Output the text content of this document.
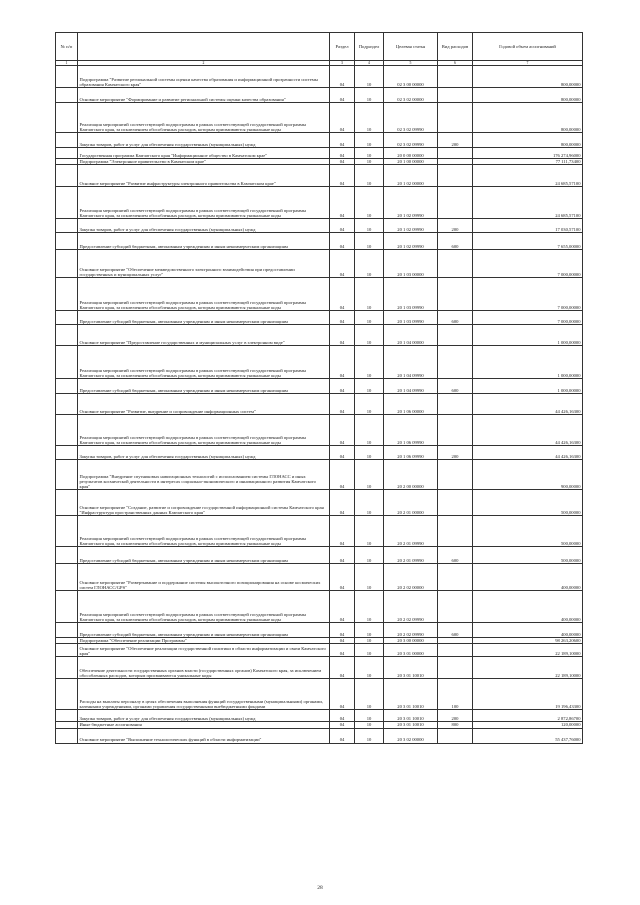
№ п/п		Раздел	Подраздел	Целевая статья	Вид расходов	Годовой объем ассигнований
1	2	3	4	5	6	7
	Подпрограмма "Развитие региональной системы оценки качества образования и информационной прозрачности системы образования Камчатского края"	04	10	02 3 00 00000		800,00000
	Основное мероприятие "Формирование и развитие региональной системы оценки качества образования"	04	10	02 3 02 00000		800,00000
	Реализация мероприятий соответствующей подпрограммы в рамках соответствующей государственной программы Камчатского края, за исключением обособленных расходов, которым присваиваются уникальные коды	04	10	02 3 02 09990		800,00000
	Закупка товаров, работ и услуг для обеспечения государственных (муниципальных) нужд	04	10	02 3 02 09990	200	800,00000
	Государственная программа Камчатского края "Информационное общество в Камчатском крае"	04	10	20 0 00 00000		176 274,96000
	Подпрограмма "Электронное правительство в Камчатском крае"	04	10	20 1 00 00000		77 111,73400
	Основное мероприятие "Развитие инфраструктуры электронного правительства в Камчатском крае"	04	10	20 1 02 00000		24 685,57100
	Реализация мероприятий соответствующей подпрограммы в рамках соответствующей государственной программы Камчатского края, за исключением обособленных расходов, которым присваиваются уникальные коды	04	10	20 1 02 09990		24 685,57100
	Закупка товаров, работ и услуг для обеспечения государственных (муниципальных) нужд	04	10	20 1 02 09990	200	17 030,57100
	Предоставление субсидий бюджетным, автономным учреждениям и иным некоммерческим организациям	04	10	20 1 02 09990	600	7 655,00000
	Основное мероприятие "Обеспечение межведомственного электронного взаимодействия при предоставлении государственных и муниципальных услуг"	04	10	20 1 03 00000		7 000,00000
	Реализация мероприятий соответствующей подпрограммы в рамках соответствующей государственной программы Камчатского края, за исключением обособленных расходов, которым присваиваются уникальные коды	04	10	20 1 03 09990		7 000,00000
	Предоставление субсидий бюджетным, автономным учреждениям и иным некоммерческим организациям	04	10	20 1 03 09990	600	7 000,00000
	Основное мероприятие "Предоставление государственных и муниципальных услуг в электронном виде"	04	10	20 1 04 00000		1 000,00000
	Реализация мероприятий соответствующей подпрограммы в рамках соответствующей государственной программы Камчатского края, за исключением обособленных расходов, которым присваиваются уникальные коды	04	10	20 1 04 09990		1 000,00000
	Предоставление субсидий бюджетным, автономным учреждениям и иным некоммерческим организациям	04	10	20 1 04 09990	600	1 000,00000
	Основное мероприятие "Развитие, внедрение и сопровождение информационных систем"	04	10	20 1 06 00000		44 426,16300
	Реализация мероприятий соответствующей подпрограммы в рамках соответствующей государственной программы Камчатского края, за исключением обособленных расходов, которым присваиваются уникальные коды	04	10	20 1 06 09990		44 426,16300
	Закупка товаров, работ и услуг для обеспечения государственных (муниципальных) нужд	04	10	20 1 06 09990	200	44 426,16300
	Подпрограмма "Внедрение спутниковых навигационных технологий с использованием системы ГЛОНАСС и иных результатов космической деятельности в интересах социально-экономического и инновационного развития Камчатского края"	04	10	20 2 00 00000		900,00000
	Основное мероприятие "Создание, развитие и сопровождение государственной информационной системы Камчатского края "Инфраструктура пространственных данных Камчатского края"	04	10	20 2 01 00000		500,00000
	Реализация мероприятий соответствующей подпрограммы в рамках соответствующей государственной программы Камчатского края, за исключением обособленных расходов, которым присваиваются уникальные коды	04	10	20 2 01 09990		500,00000
	Предоставление субсидий бюджетным, автономным учреждениям и иным некоммерческим организациям	04	10	20 2 01 09990	600	500,00000
	Основное мероприятие "Развертывание и поддержание системы высокоточного позиционирования на основе космических систем ГЛОНАСС/GPS"	04	10	20 2 02 00000		400,00000
	Реализация мероприятий соответствующей подпрограммы в рамках соответствующей государственной программы Камчатского края, за исключением обособленных расходов, которым присваиваются уникальные коды	04	10	20 2 02 09990		400,00000
	Предоставление субсидий бюджетным, автономным учреждениям и иным некоммерческим организациям	04	10	20 2 02 09990	600	400,00000
	Подпрограмма "Обеспечение реализации Программы"	04	10	20 3 00 00000		98 263,20600
	Основное мероприятие "Обеспечение реализации государственной политики в области информатизации и связи Камчатского края"	04	10	20 3 01 00000		22 189,10000
	Обеспечение деятельности государственных органов власти (государственных органов) Камчатского края, за исключением обособленных расходов, которым присваиваются уникальные коды	04	10	20 3 01 10010		22 189,10000
	Расходы на выплаты персоналу в целях обеспечения выполнения функций государственными (муниципальными) органами, казенными учреждениями, органами управления государственными внебюджетными фондами	04	10	20 3 01 10010	100	19 196,43300
	Закупка товаров, работ и услуг для обеспечения государственных (муниципальных) нужд	04	10	20 3 01 10010	200	2 872,86700
	Иные бюджетные ассигнования	04	10	20 3 01 10010	800	120,00000
	Основное мероприятие "Выполнение технологических функций в области информатизации"	04	10	20 3 02 00000		55 437,76000
28
